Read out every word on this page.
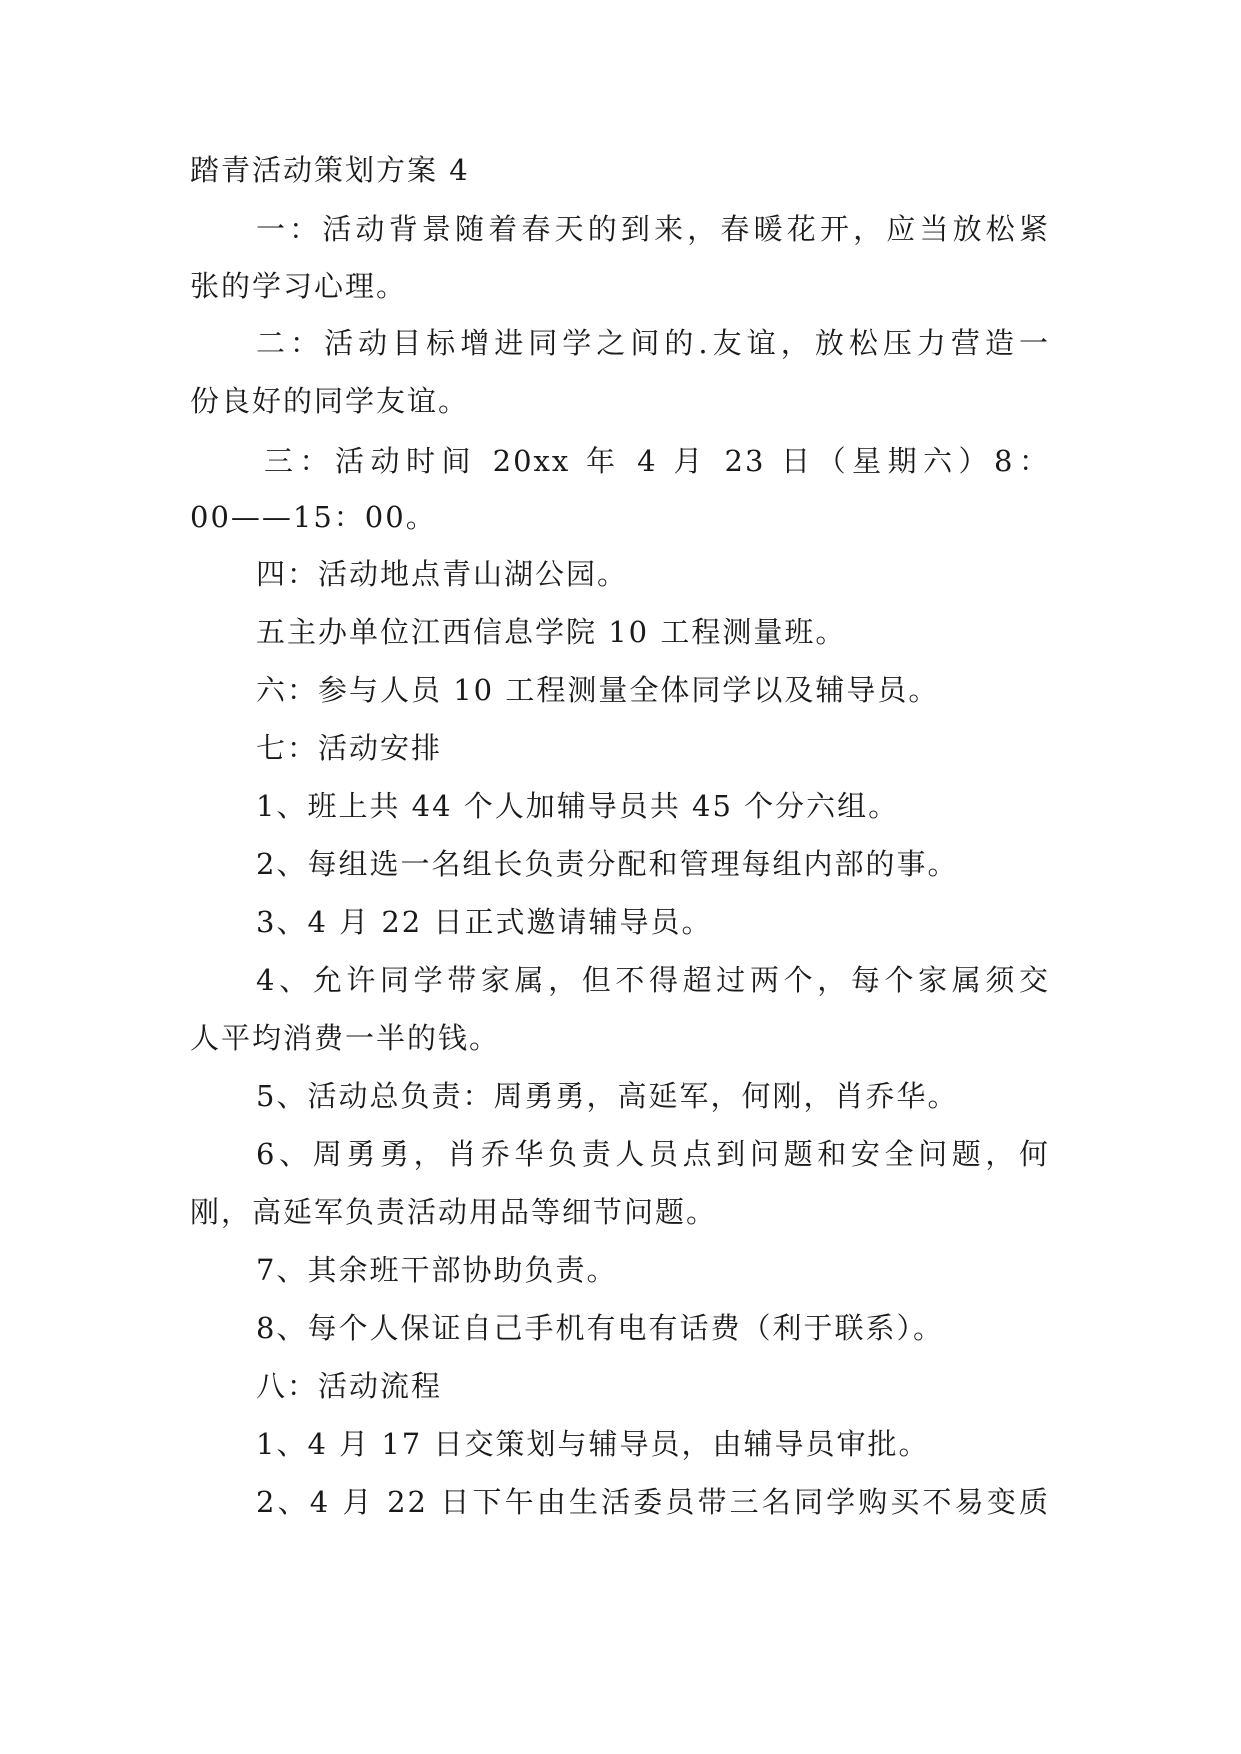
踏青活动策划方案 4
一：活动背景随着春天的到来，春暖花开，应当放松紧
张的学习心理。
二：活动目标增进同学之间的.友谊，放松压力营造一
份良好的同学友谊。
三：活动时间 20xx 年 4 月 23 日（星期六）8：
00——15：00。
四：活动地点青山湖公园。
五主办单位江西信息学院 10 工程测量班。
六：参与人员 10 工程测量全体同学以及辅导员。
七：活动安排
1、班上共 44 个人加辅导员共 45 个分六组。
2、每组选一名组长负责分配和管理每组内部的事。
3、4 月 22 日正式邀请辅导员。
4、允许同学带家属，但不得超过两个，每个家属须交
人平均消费一半的钱。
5、活动总负责：周勇勇，高延军，何刚，肖乔华。
6、周勇勇，肖乔华负责人员点到问题和安全问题，何
刚，高延军负责活动用品等细节问题。
7、其余班干部协助负责。
8、每个人保证自己手机有电有话费（利于联系）。
八：活动流程
1、4 月 17 日交策划与辅导员，由辅导员审批。
2、4 月 22 日下午由生活委员带三名同学购买不易变质
